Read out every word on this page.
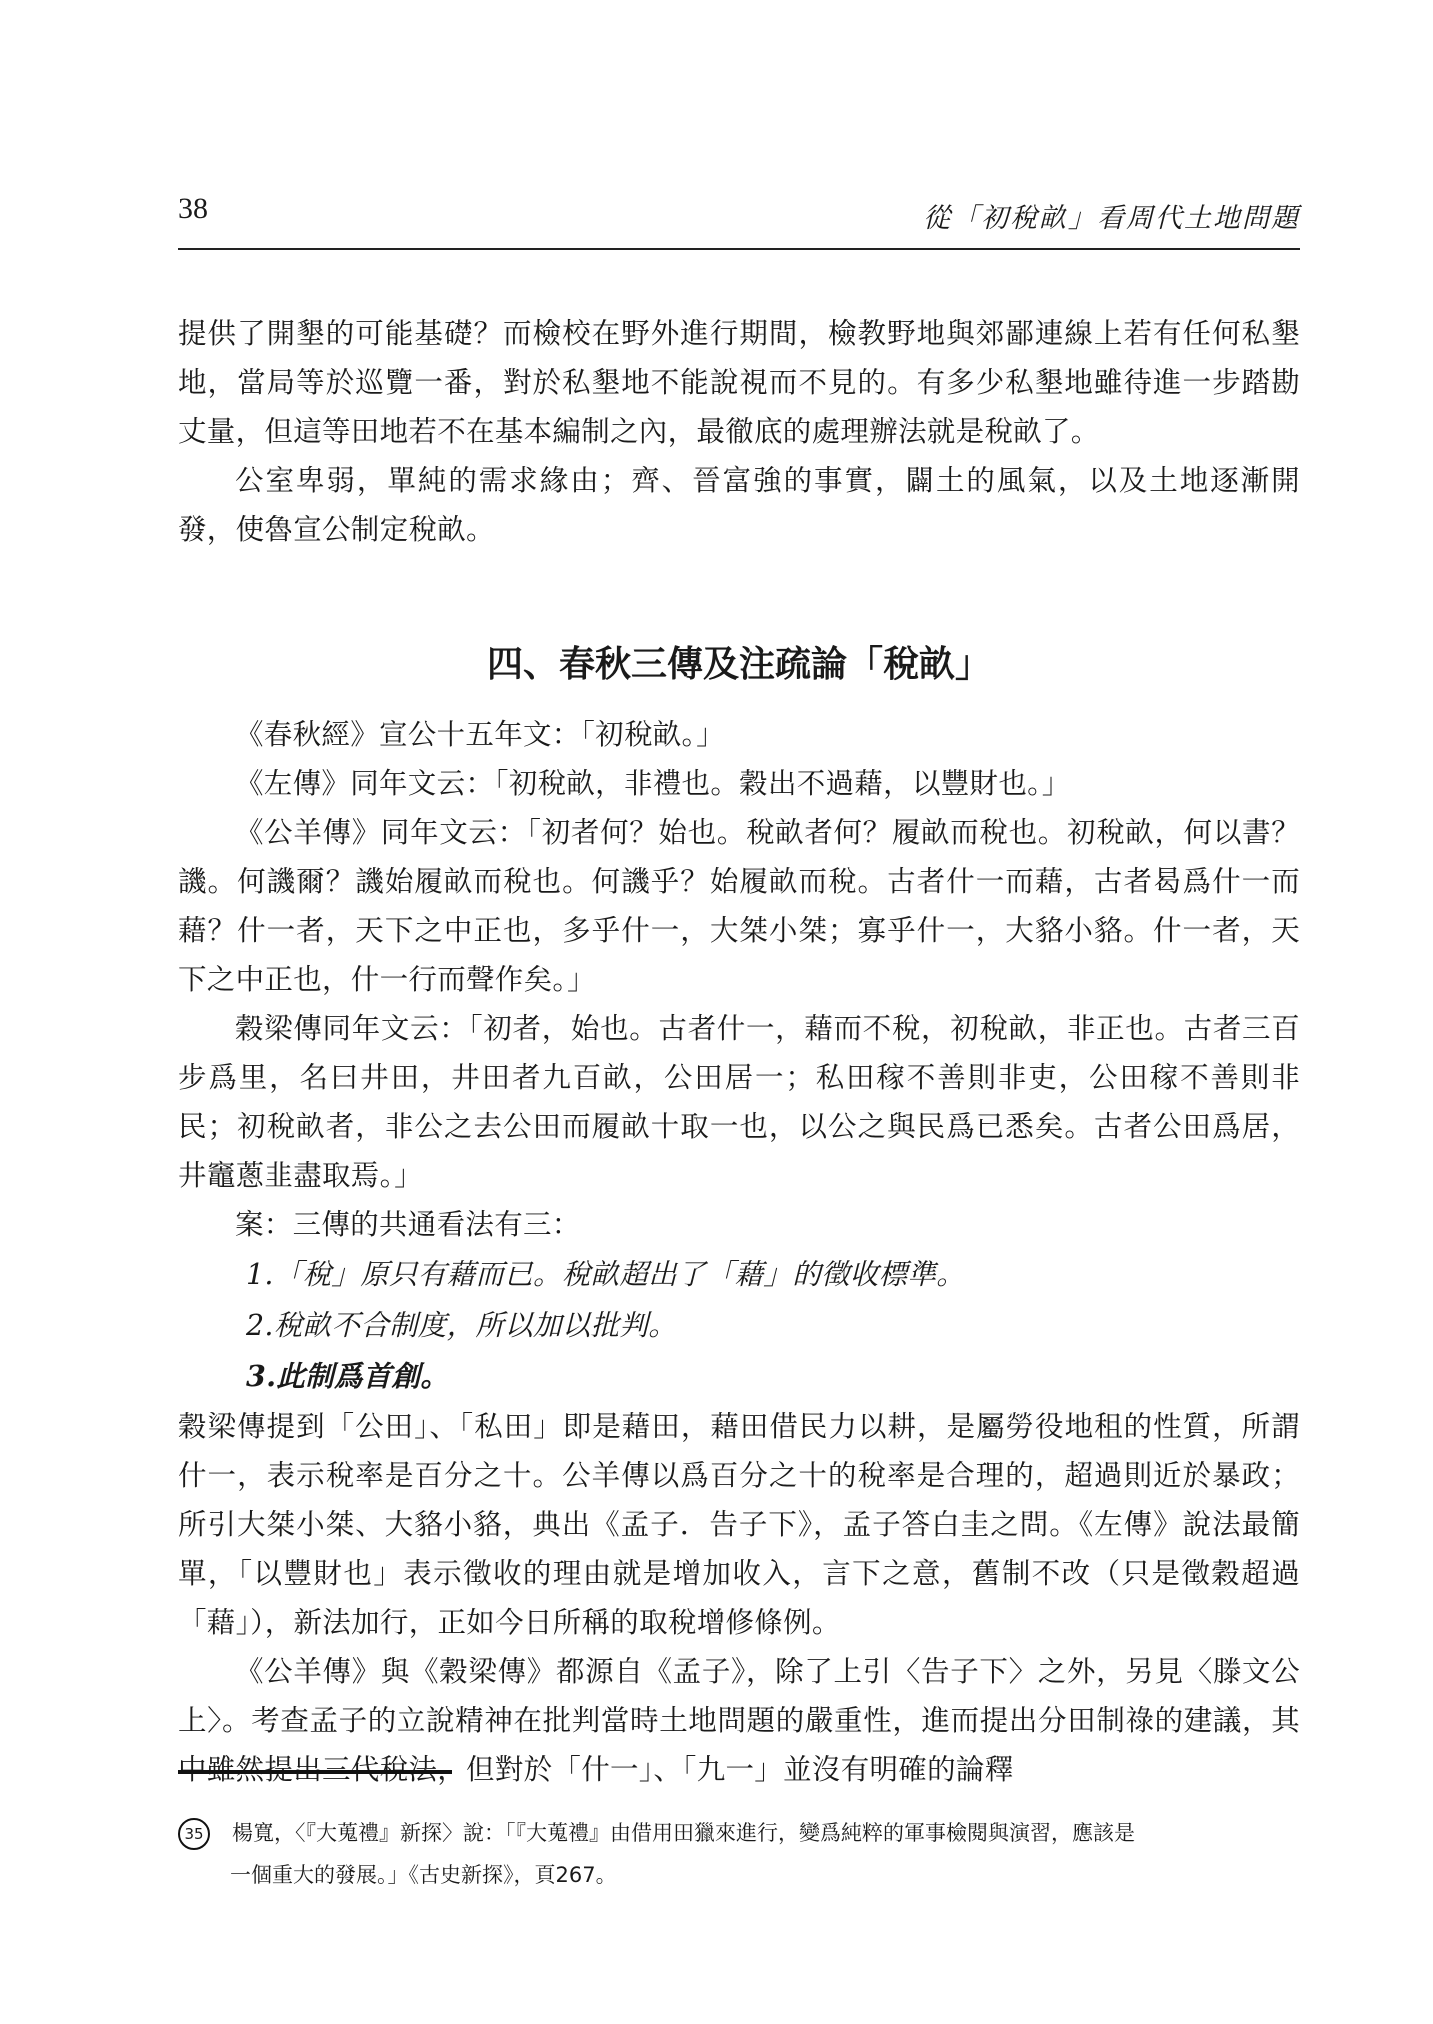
38	從「初稅畝」看周代土地問題

提供了開墾的可能基礎？而檢校在野外進行期間，檢教野地與郊鄙連線上若有任何私墾地，當局等於巡覽一番，對於私墾地不能說視而不見的。有多少私墾地雖待進一步踏勘丈量，但這等田地若不在基本編制之內，最徹底的處理辦法就是稅畝了。

公室卑弱，單純的需求緣由；齊、晉富強的事實，闢土的風氣，以及土地逐漸開發，使魯宣公制定稅畝。

四、春秋三傳及注疏論「稅畝」

《春秋經》宣公十五年文：「初稅畝。」

《左傳》同年文云：「初稅畝，非禮也。穀出不過藉，以豐財也。」

《公羊傳》同年文云：「初者何？始也。稅畝者何？履畝而稅也。初稅畝，何以書？譏。何譏爾？譏始履畝而稅也。何譏乎？始履畝而稅。古者什一而藉，古者曷爲什一而藉？什一者，天下之中正也，多乎什一，大桀小桀；寡乎什一，大貉小貉。什一者，天下之中正也，什一行而聲作矣。」

穀梁傳同年文云：「初者，始也。古者什一，藉而不稅，初稅畝，非正也。古者三百步爲里，名曰井田，井田者九百畝，公田居一；私田稼不善則非吏，公田稼不善則非民；初稅畝者，非公之去公田而履畝十取一也，以公之與民爲已悉矣。古者公田爲居，井竈蔥韭盡取焉。」

案：三傳的共通看法有三：

1.「稅」原只有藉而已。稅畝超出了「藉」的徵收標準。

2.稅畝不合制度，所以加以批判。

3.此制爲首創。

穀梁傳提到「公田」、「私田」即是藉田，藉田借民力以耕，是屬勞役地租的性質，所謂什一，表示稅率是百分之十。公羊傳以爲百分之十的稅率是合理的，超過則近於暴政；所引大桀小桀、大貉小貉，典出《孟子．告子下》，孟子答白圭之問。《左傳》說法最簡單，「以豐財也」表示徵收的理由就是增加收入，言下之意，舊制不改（只是徵穀超過「藉」），新法加行，正如今日所稱的取稅增修條例。

《公羊傳》與《穀梁傳》都源自《孟子》，除了上引〈告子下〉之外，另見〈滕文公上〉。考查孟子的立說精神在批判當時土地問題的嚴重性，進而提出分田制祿的建議，其中雖然提出三代稅法，但對於「什一」、「九一」並沒有明確的論釋

35 楊寬，〈『大蒐禮』新探〉說：「『大蒐禮』由借用田獵來進行，變爲純粹的軍事檢閱與演習，應該是
一個重大的發展。」《古史新探》，頁267。
